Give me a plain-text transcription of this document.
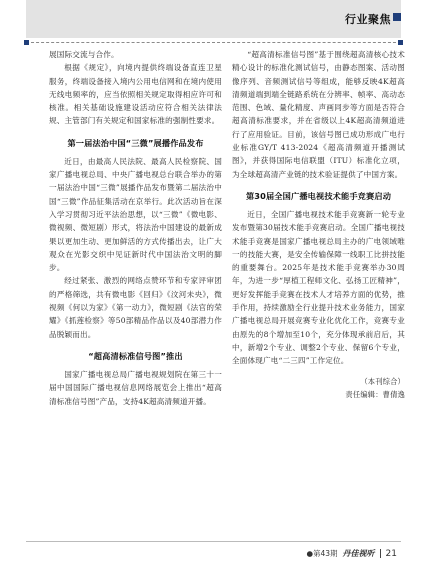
行业聚焦

展国际交流与合作。

根据《规定》，向境内提供终端设备直连卫星服务，终端设备接入境内公用电信网和在境内使用无线电频率的，应当依照相关规定取得相应许可和核准。相关基础设施建设活动应符合相关法律法规、主管部门有关规定和国家标准的强制性要求。

第一届法治中国“三微”展播作品发布

近日，由最高人民法院、最高人民检察院、国家广播电视总局、中央广播电视总台联合举办的第一届法治中国“三微”展播作品发布暨第二届法治中国“三微”作品征集活动在京举行。此次活动旨在深入学习贯彻习近平法治思想，以“三微”《微电影、微视频、微短剧）形式，将法治中国建设的最新成果以更加生动、更加鲜活的方式传播出去，让广大观众在光影交织中见证新时代中国法治文明的脚步。

经过紧张、激烈的网络点赞环节和专家评审团的严格筛选，共有微电影《回归》《汶河未央》，微视频《何以为家》《第一动力》，微短剧《法官的荣耀》《抓莲检察》等50部精品作品以及40部潜力作品脱颖而出。

“超高清标准信号图”推出

国家广播电视总局广播电视规划院在第三十一届中国国际广播电视信息网络展览会上推出“超高清标准信号图”产品，支持4K超高清频道开播。

“超高清标准信号图”基于围绕超高清核心技术精心设计的标准化测试信号，由静态图案、活动图像序列、音频测试信号等组成，能够反映4K超高清频道端到端全链路系统在分辨率、帧率、高动态范围、色域、量化精度、声画同步等方面是否符合超高清标准要求，并在省级以上4K超高清频道进行了应用验证。目前，该信号图已成功形成广电行业标准GY/T 413-2024《超高清频道开播测试图》，并获得国际电信联盟（ITU）标准化立项，为全球超高清产业链的技术验证提供了中国方案。

第30届全国广播电视技术能手竞赛启动

近日，全国广播电视技术能手竞赛新一轮专业发布暨第30届技术能手竞赛启动。全国广播电视技术能手竞赛是国家广播电视总局主办的广电领域唯一的技能大赛，是安全传输保障一线职工比拼技能的重要舞台。2025年是技术能手竞赛举办30周年，为进一步“厚植工程师文化、弘扬工匠精神”，更好发挥能手竞赛在技术人才培养方面的优势，推手作用，持续激励全行业提升技术业务能力，国家广播电视总局开展竞赛专业化优化工作，竞赛专业由原先的8个增加至10个，充分体现承前启后，其中，新增2个专业、调整2个专业、保留6个专业，全面体现广电“二三四”工作定位。

（本刊综合）
责任编辑：曹倩逸
●第43期 丹佳视听 21
